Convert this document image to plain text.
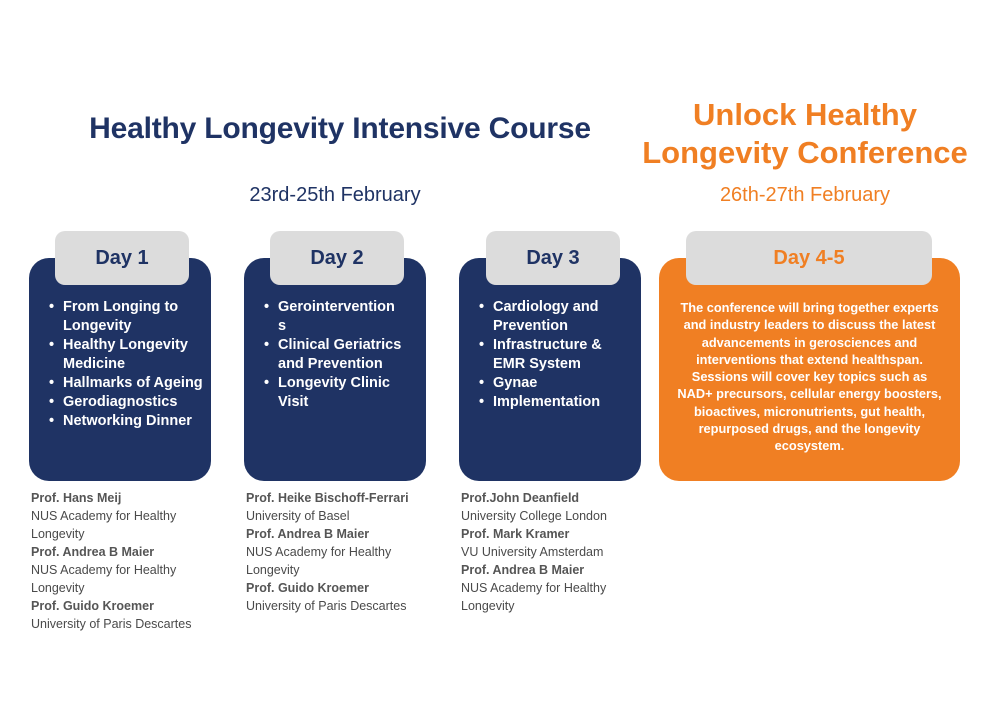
Healthy Longevity Intensive Course	Unlock Healthy
Longevity Conference
23rd-25th February	26th-27th February
• From Longing to Longevity
• Healthy Longevity Medicine
• Hallmarks of Ageing
• Gerodiagnostics
• Networking Dinner
Day 1
• Gerointervention s
• Clinical Geriatrics and Prevention
• Longevity Clinic Visit
Day 2
• Cardiology and Prevention
• Infrastructure & EMR System
• Gynae
• Implementation
Day 3
The conference will bring together experts and industry leaders to discuss the latest advancements in gerosciences and interventions that extend healthspan. Sessions will cover key topics such as NAD+ precursors, cellular energy boosters, bioactives, micronutrients, gut health, repurposed drugs, and the longevity ecosystem.
Day 4-5
Prof. Hans Meij
NUS Academy for Healthy Longevity
Prof. Andrea B Maier
NUS Academy for Healthy Longevity
Prof. Guido Kroemer
University of Paris Descartes
Prof. Heike Bischoff-Ferrari
University of Basel
Prof. Andrea B Maier
NUS Academy for Healthy Longevity
Prof. Guido Kroemer
University of Paris Descartes
Prof.John Deanfield
University College London
Prof. Mark Kramer
VU University Amsterdam
Prof. Andrea B Maier
NUS Academy for Healthy Longevity
